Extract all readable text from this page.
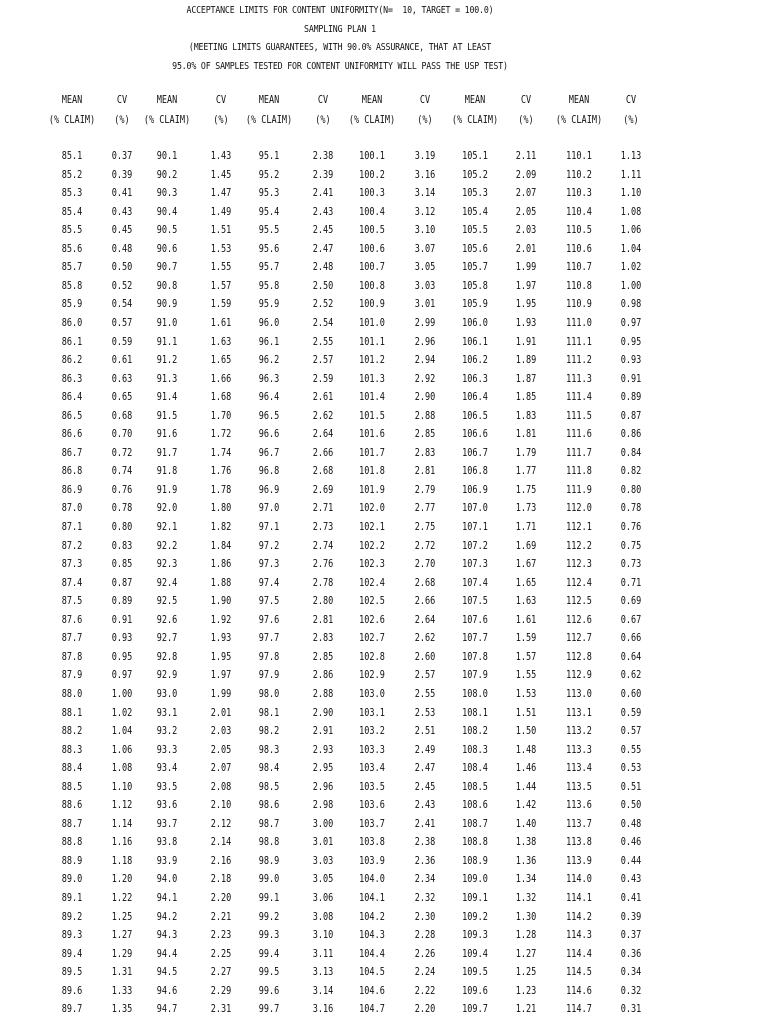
ACCEPTANCE LIMITS FOR CONTENT UNIFORMITY(N=  10, TARGET = 100.0)
SAMPLING PLAN 1
(MEETING LIMITS GUARANTEES, WITH 90.0% ASSURANCE, THAT AT LEAST
95.0% OF SAMPLES TESTED FOR CONTENT UNIFORMITY WILL PASS THE USP TEST)
MEAN	CV	MEAN	CV	MEAN	CV	MEAN	CV	MEAN	CV	MEAN	CV
(% CLAIM)	(%)	(% CLAIM)	(%)	(% CLAIM)	(%)	(% CLAIM)	(%)	(% CLAIM)	(%)	(% CLAIM)	(%)
85.1	0.37	90.1	1.43	95.1	2.38	100.1	3.19	105.1	2.11	110.1	1.13
85.2	0.39	90.2	1.45	95.2	2.39	100.2	3.16	105.2	2.09	110.2	1.11
85.3	0.41	90.3	1.47	95.3	2.41	100.3	3.14	105.3	2.07	110.3	1.10
85.4	0.43	90.4	1.49	95.4	2.43	100.4	3.12	105.4	2.05	110.4	1.08
85.5	0.45	90.5	1.51	95.5	2.45	100.5	3.10	105.5	2.03	110.5	1.06
85.6	0.48	90.6	1.53	95.6	2.47	100.6	3.07	105.6	2.01	110.6	1.04
85.7	0.50	90.7	1.55	95.7	2.48	100.7	3.05	105.7	1.99	110.7	1.02
85.8	0.52	90.8	1.57	95.8	2.50	100.8	3.03	105.8	1.97	110.8	1.00
85.9	0.54	90.9	1.59	95.9	2.52	100.9	3.01	105.9	1.95	110.9	0.98
86.0	0.57	91.0	1.61	96.0	2.54	101.0	2.99	106.0	1.93	111.0	0.97
86.1	0.59	91.1	1.63	96.1	2.55	101.1	2.96	106.1	1.91	111.1	0.95
86.2	0.61	91.2	1.65	96.2	2.57	101.2	2.94	106.2	1.89	111.2	0.93
86.3	0.63	91.3	1.66	96.3	2.59	101.3	2.92	106.3	1.87	111.3	0.91
86.4	0.65	91.4	1.68	96.4	2.61	101.4	2.90	106.4	1.85	111.4	0.89
86.5	0.68	91.5	1.70	96.5	2.62	101.5	2.88	106.5	1.83	111.5	0.87
86.6	0.70	91.6	1.72	96.6	2.64	101.6	2.85	106.6	1.81	111.6	0.86
86.7	0.72	91.7	1.74	96.7	2.66	101.7	2.83	106.7	1.79	111.7	0.84
86.8	0.74	91.8	1.76	96.8	2.68	101.8	2.81	106.8	1.77	111.8	0.82
86.9	0.76	91.9	1.78	96.9	2.69	101.9	2.79	106.9	1.75	111.9	0.80
87.0	0.78	92.0	1.80	97.0	2.71	102.0	2.77	107.0	1.73	112.0	0.78
87.1	0.80	92.1	1.82	97.1	2.73	102.1	2.75	107.1	1.71	112.1	0.76
87.2	0.83	92.2	1.84	97.2	2.74	102.2	2.72	107.2	1.69	112.2	0.75
87.3	0.85	92.3	1.86	97.3	2.76	102.3	2.70	107.3	1.67	112.3	0.73
87.4	0.87	92.4	1.88	97.4	2.78	102.4	2.68	107.4	1.65	112.4	0.71
87.5	0.89	92.5	1.90	97.5	2.80	102.5	2.66	107.5	1.63	112.5	0.69
87.6	0.91	92.6	1.92	97.6	2.81	102.6	2.64	107.6	1.61	112.6	0.67
87.7	0.93	92.7	1.93	97.7	2.83	102.7	2.62	107.7	1.59	112.7	0.66
87.8	0.95	92.8	1.95	97.8	2.85	102.8	2.60	107.8	1.57	112.8	0.64
87.9	0.97	92.9	1.97	97.9	2.86	102.9	2.57	107.9	1.55	112.9	0.62
88.0	1.00	93.0	1.99	98.0	2.88	103.0	2.55	108.0	1.53	113.0	0.60
88.1	1.02	93.1	2.01	98.1	2.90	103.1	2.53	108.1	1.51	113.1	0.59
88.2	1.04	93.2	2.03	98.2	2.91	103.2	2.51	108.2	1.50	113.2	0.57
88.3	1.06	93.3	2.05	98.3	2.93	103.3	2.49	108.3	1.48	113.3	0.55
88.4	1.08	93.4	2.07	98.4	2.95	103.4	2.47	108.4	1.46	113.4	0.53
88.5	1.10	93.5	2.08	98.5	2.96	103.5	2.45	108.5	1.44	113.5	0.51
88.6	1.12	93.6	2.10	98.6	2.98	103.6	2.43	108.6	1.42	113.6	0.50
88.7	1.14	93.7	2.12	98.7	3.00	103.7	2.41	108.7	1.40	113.7	0.48
88.8	1.16	93.8	2.14	98.8	3.01	103.8	2.38	108.8	1.38	113.8	0.46
88.9	1.18	93.9	2.16	98.9	3.03	103.9	2.36	108.9	1.36	113.9	0.44
89.0	1.20	94.0	2.18	99.0	3.05	104.0	2.34	109.0	1.34	114.0	0.43
89.1	1.22	94.1	2.20	99.1	3.06	104.1	2.32	109.1	1.32	114.1	0.41
89.2	1.25	94.2	2.21	99.2	3.08	104.2	2.30	109.2	1.30	114.2	0.39
89.3	1.27	94.3	2.23	99.3	3.10	104.3	2.28	109.3	1.28	114.3	0.37
89.4	1.29	94.4	2.25	99.4	3.11	104.4	2.26	109.4	1.27	114.4	0.36
89.5	1.31	94.5	2.27	99.5	3.13	104.5	2.24	109.5	1.25	114.5	0.34
89.6	1.33	94.6	2.29	99.6	3.14	104.6	2.22	109.6	1.23	114.6	0.32
89.7	1.35	94.7	2.31	99.7	3.16	104.7	2.20	109.7	1.21	114.7	0.31
